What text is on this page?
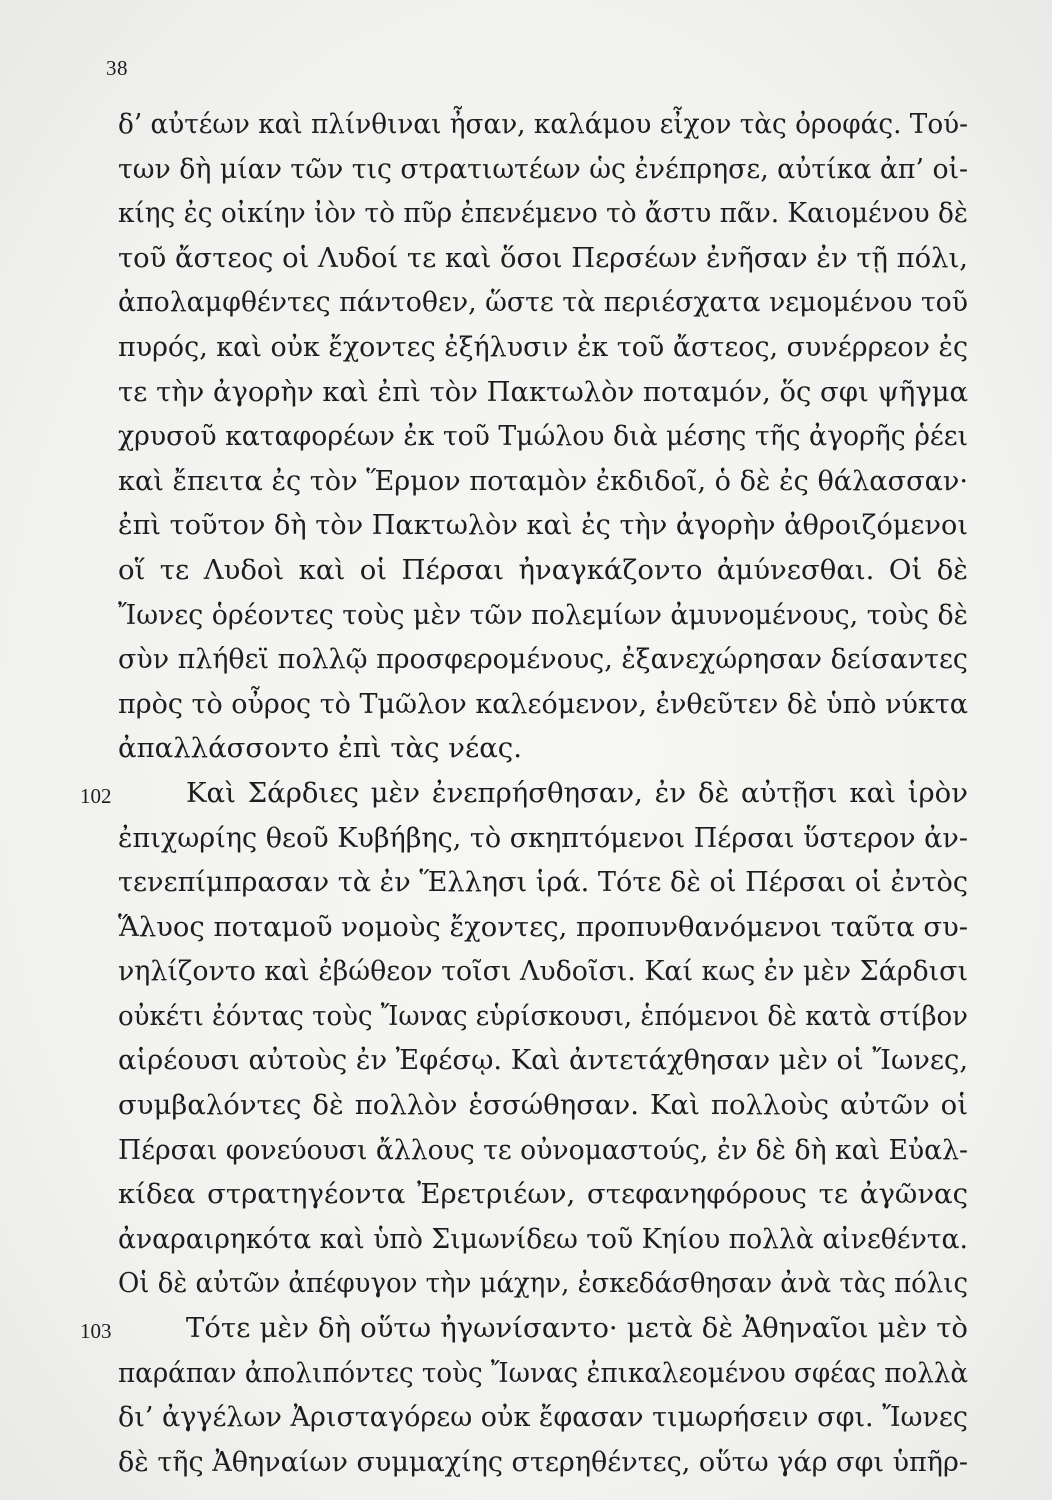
38
δ’ αὐτέων καὶ πλίνθιναι ἦσαν, καλάμου εἶχον τὰς ὀροφάς. Τού-
των δὴ μίαν τῶν τις στρατιωτέων ὡς ἐνέπρησε, αὐτίκα ἀπ’ οἰ-
κίης ἐς οἰκίην ἰὸν τὸ πῦρ ἐπενέμενο τὸ ἄστυ πᾶν. Καιομένου δὲ
τοῦ ἄστεος οἱ Λυδοί τε καὶ ὅσοι Περσέων ἐνῆσαν ἐν τῇ πόλι,
ἀπολαμφθέντες πάντοθεν, ὥστε τὰ περιέσχατα νεμομένου τοῦ
πυρός, καὶ οὐκ ἔχοντες ἐξήλυσιν ἐκ τοῦ ἄστεος, συνέρρεον ἐς
τε τὴν ἀγορὴν καὶ ἐπὶ τὸν Πακτωλὸν ποταμόν, ὅς σφι ψῆγμα
χρυσοῦ καταφορέων ἐκ τοῦ Τμώλου διὰ μέσης τῆς ἀγορῆς ῥέει
καὶ ἔπειτα ἐς τὸν Ἕρμον ποταμὸν ἐκδιδοῖ, ὁ δὲ ἐς θάλασσαν·
ἐπὶ τοῦτον δὴ τὸν Πακτωλὸν καὶ ἐς τὴν ἀγορὴν ἀθροιζόμενοι
οἵ τε Λυδοὶ καὶ οἱ Πέρσαι ἠναγκάζοντο ἀμύνεσθαι. Οἱ δὲ
Ἴωνες ὁρέοντες τοὺς μὲν τῶν πολεμίων ἀμυνομένους, τοὺς δὲ
σὺν πλήθεϊ πολλῷ προσφερομένους, ἐξανεχώρησαν δείσαντες
πρὸς τὸ οὖρος τὸ Τμῶλον καλεόμενον, ἐνθεῦτεν δὲ ὑπὸ νύκτα
ἀπαλλάσσοντο ἐπὶ τὰς νέας.
102	Καὶ Σάρδιες μὲν ἐνεπρήσθησαν, ἐν δὲ αὐτῇσι καὶ ἱρὸν
ἐπιχωρίης θεοῦ Κυβήβης, τὸ σκηπτόμενοι Πέρσαι ὕστερον ἀν-
τενεπίμπρασαν τὰ ἐν Ἕλλησι ἱρά. Τότε δὲ οἱ Πέρσαι οἱ ἐντὸς
Ἅλυος ποταμοῦ νομοὺς ἔχοντες, προπυνθανόμενοι ταῦτα συ-
νηλίζοντο καὶ ἐβώθεον τοῖσι Λυδοῖσι. Καί κως ἐν μὲν Σάρδισι
οὐκέτι ἐόντας τοὺς Ἴωνας εὑρίσκουσι, ἑπόμενοι δὲ κατὰ στίβον
αἱρέουσι αὐτοὺς ἐν Ἐφέσῳ. Καὶ ἀντετάχθησαν μὲν οἱ Ἴωνες,
συμβαλόντες δὲ πολλὸν ἑσσώθησαν. Καὶ πολλοὺς αὐτῶν οἱ
Πέρσαι φονεύουσι ἄλλους τε οὐνομαστούς, ἐν δὲ δὴ καὶ Εὐαλ-
κίδεα στρατηγέοντα Ἐρετριέων, στεφανηφόρους τε ἀγῶνας
ἀναραιρηκότα καὶ ὑπὸ Σιμωνίδεω τοῦ Κηίου πολλὰ αἰνεθέντα.
Οἱ δὲ αὐτῶν ἀπέφυγον τὴν μάχην, ἐσκεδάσθησαν ἀνὰ τὰς πόλις
103	Τότε μὲν δὴ οὕτω ἠγωνίσαντο· μετὰ δὲ Ἀθηναῖοι μὲν τὸ
παράπαν ἀπολιπόντες τοὺς Ἴωνας ἐπικαλεομένου σφέας πολλὰ
δι’ ἀγγέλων Ἀρισταγόρεω οὐκ ἔφασαν τιμωρήσειν σφι. Ἴωνες
δὲ τῆς Ἀθηναίων συμμαχίης στερηθέντες, οὕτω γάρ σφι ὑπῆρ-
